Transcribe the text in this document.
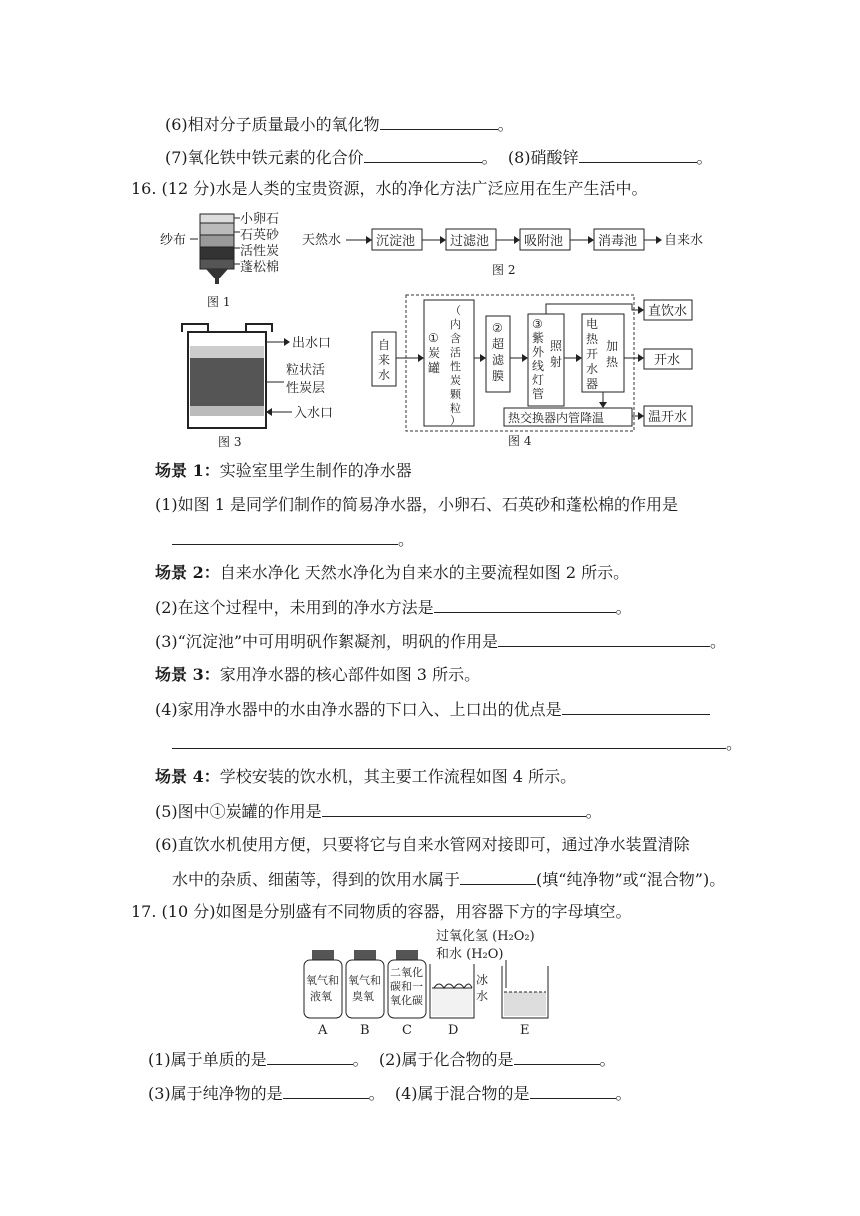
(6)相对分子质量最小的氧化物	。
(7)氧化铁中铁元素的化合价	。  (8)硝酸锌	。
16. (12 分)水是人类的宝贵资源，水的净化方法广泛应用在生产生活中。
纱布
小卵石
石英砂
活性炭
蓬松棉
图 1
天然水	沉淀池	过滤池	吸附池	消毒池 自来水
图 2
出水口
粒状活
性炭层
入水口
图 3
自
来
水
①
炭
罐
（
内
含
活
性
炭
颗
粒
）
②
超
滤
膜
③
紫
外
线
灯
管
照
射
电
热
开
水
器
加
热
热交换器内管降温
直饮水
开水
温开水
图 4
场景 1：实验室里学生制作的净水器
(1)如图 1 是同学们制作的简易净水器，小卵石、石英砂和蓬松棉的作用是
。
场景 2：自来水净化 天然水净化为自来水的主要流程如图 2 所示。
(2)在这个过程中，未用到的净水方法是	。
(3)“沉淀池”中可用明矾作絮凝剂，明矾的作用是	。
场景 3：家用净水器的核心部件如图 3 所示。
(4)家用净水器中的水由净水器的下口入、上口出的优点是
。
场景 4：学校安装的饮水机，其主要工作流程如图 4 所示。
(5)图中①炭罐的作用是	。
(6)直饮水机使用方便，只要将它与自来水管网对接即可，通过净水装置清除
水中的杂质、细菌等，得到的饮用水属于	(填“纯净物”或“混合物”)。
17. (10 分)如图是分别盛有不同物质的容器，用容器下方的字母填空。
过氧化氢 (H₂O₂)
和水 (H₂O)
氧气和
液氧
氧气和
臭氧
二氧化
碳和一
氧化碳
冰
水
A	B C	D	E
(1)属于单质的是	。  (2)属于化合物的是	。
(3)属于纯净物的是	。  (4)属于混合物的是	。
